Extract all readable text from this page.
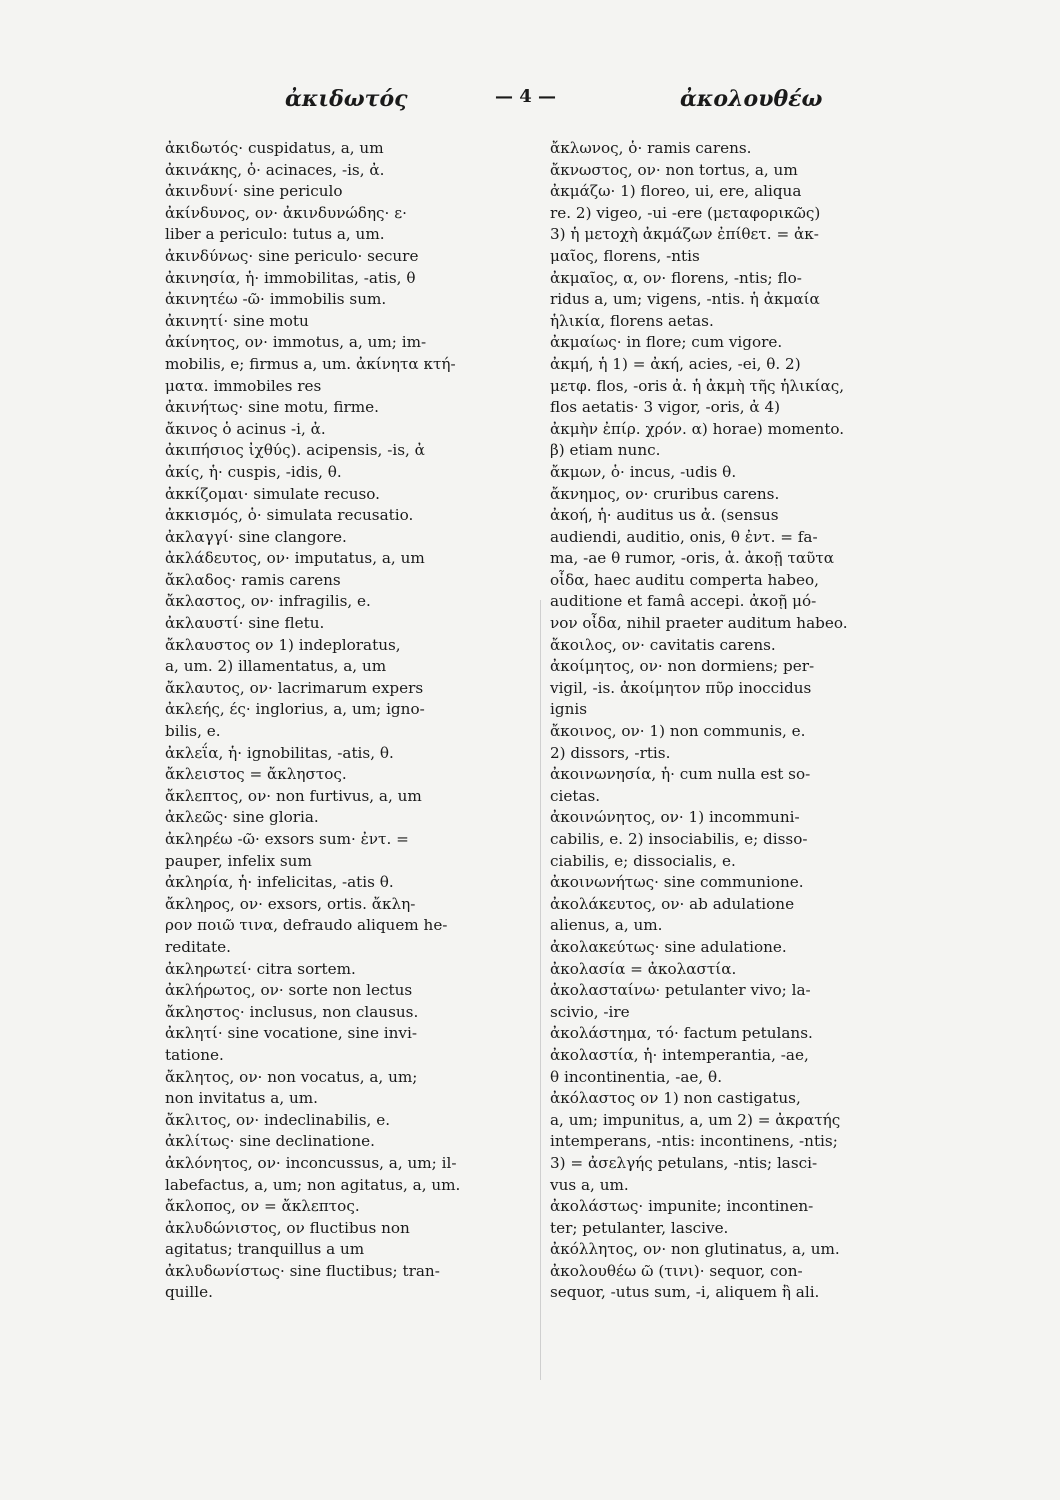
ἀκιδωτός	— 4 —	ἀκολουθέω
ἀκιδωτός· cuspidatus, a, um
ἀκινάκης, ὁ· acinaces, -is, ἀ.
ἀκινδυνί· sine periculo
ἀκίνδυνος, ον· ἀκινδυνώδης· ε·
liber a periculo: tutus a, um.
ἀκινδύνως· sine periculo· secure
ἀκινησία, ἡ· immobilitas, -atis, θ
ἀκινητέω -ῶ· immobilis sum.
ἀκινητί· sine motu
ἀκίνητος, ον· immotus, a, um; im-
mobilis, e; firmus a, um. ἀκίνητα κτή-
ματα. immobiles res
ἀκινήτως· sine motu, firme.
ἄκινος ὁ acinus -i, ἀ.
ἀκιπήσιος ἰχθύς). acipensis, -is, ἀ
ἀκίς, ἡ· cuspis, -idis, θ.
ἀκκίζομαι· simulate recuso.
ἀκκισμός, ὁ· simulata recusatio.
ἀκλαγγί· sine clangore.
ἀκλάδευτος, ον· imputatus, a, um
ἄκλαδος· ramis carens
ἄκλαστος, ον· infragilis, e.
ἀκλαυστί· sine fletu.
ἄκλαυστος ον 1) indeploratus,
a, um. 2) illamentatus, a, um
ἄκλαυτος, ον· lacrimarum expers
ἀκλεής, ές· inglorius, a, um; igno-
bilis, e.
ἀκλεΐα, ἡ· ignobilitas, -atis, θ.
ἄκλειστος = ἄκληστος.
ἄκλεπτος, ον· non furtivus, a, um
ἀκλεῶς· sine gloria.
ἀκληρέω -ῶ· exsors sum· ἐντ. =
pauper, infelix sum
ἀκληρία, ἡ· infelicitas, -atis θ.
ἄκληρος, ον· exsors, ortis. ἄκλη-
ρον ποιῶ τινα, defraudo aliquem he-
reditate.
ἀκληρωτεί· citra sortem.
ἀκλήρωτος, ον· sorte non lectus
ἄκληστος· inclusus, non clausus.
ἀκλητί· sine vocatione, sine invi-
tatione.
ἄκλητος, ον· non vocatus, a, um;
non invitatus a, um.
ἄκλιτος, ον· indeclinabilis, e.
ἀκλίτως· sine declinatione.
ἀκλόνητος, ον· inconcussus, a, um; il-
labefactus, a, um; non agitatus, a, um.
ἄκλοπος, ον = ἄκλεπτος.
ἀκλυδώνιστος, ον fluctibus non
agitatus; tranquillus a um
ἀκλυδωνίστως· sine fluctibus; tran-
quille.
ἄκλωνος, ὁ· ramis carens.
ἄκνωστος, ον· non tortus, a, um
ἀκμάζω· 1) floreo, ui, ere, aliqua
re. 2) vigeo, -ui -ere (μεταφορικῶς)
3) ἡ μετοχὴ ἀκμάζων ἐπίθετ. = ἀκ-
μαῖος, florens, -ntis
ἀκμαῖος, α, ον· florens, -ntis; flo-
ridus a, um; vigens, -ntis. ἡ ἀκμαία
ἡλικία, florens aetas.
ἀκμαίως· in flore; cum vigore.
ἀκμή, ἡ 1) = ἀκή, acies, -ei, θ. 2)
μετφ. flos, -oris ἀ. ἡ ἀκμὴ τῆς ἡλικίας,
flos aetatis· 3 vigor, -oris, ἀ 4)
ἀκμὴν ἐπίρ. χρόν. α) horae) momento.
β) etiam nunc.
ἄκμων, ὁ· incus, -udis θ.
ἄκνημος, ον· cruribus carens.
ἀκοή, ἡ· auditus us ἀ. (sensus
audiendi, auditio, onis, θ ἐντ. = fa-
ma, -ae θ rumor, -oris, ἀ. ἀκοῇ ταῦτα
οἶδα, haec auditu comperta habeo,
auditione et famâ accepi. ἀκοῇ μό-
νον οἶδα, nihil praeter auditum habeo.
ἄκοιλος, ον· cavitatis carens.
ἀκοίμητος, ον· non dormiens; per-
vigil, -is. ἀκοίμητον πῦρ inoccidus
ignis
ἄκοινος, ον· 1) non communis, e.
2) dissors, -rtis.
ἀκοινωνησία, ἡ· cum nulla est so-
cietas.
ἀκοινώνητος, ον· 1) incommuni-
cabilis, e. 2) insociabilis, e; disso-
ciabilis, e; dissocialis, e.
ἀκοινωνήτως· sine communione.
ἀκολάκευτος, ον· ab adulatione
alienus, a, um.
ἀκολακεύτως· sine adulatione.
ἀκολασία = ἀκολαστία.
ἀκολασταίνω· petulanter vivo; la-
scivio, -ire
ἀκολάστημα, τό· factum petulans.
ἀκολαστία, ἡ· intemperantia, -ae,
θ incontinentia, -ae, θ.
ἀκόλαστος ον 1) non castigatus,
a, um; impunitus, a, um 2) = ἀκρατής
intemperans, -ntis: incontinens, -ntis;
3) = ἀσελγής petulans, -ntis; lasci-
vus a, um.
ἀκολάστως· impunite; incontinen-
ter; petulanter, lascive.
ἀκόλλητος, ον· non glutinatus, a, um.
ἀκολουθέω ῶ (τινι)· sequor, con-
sequor, -utus sum, -i, aliquem ἢ ali.
